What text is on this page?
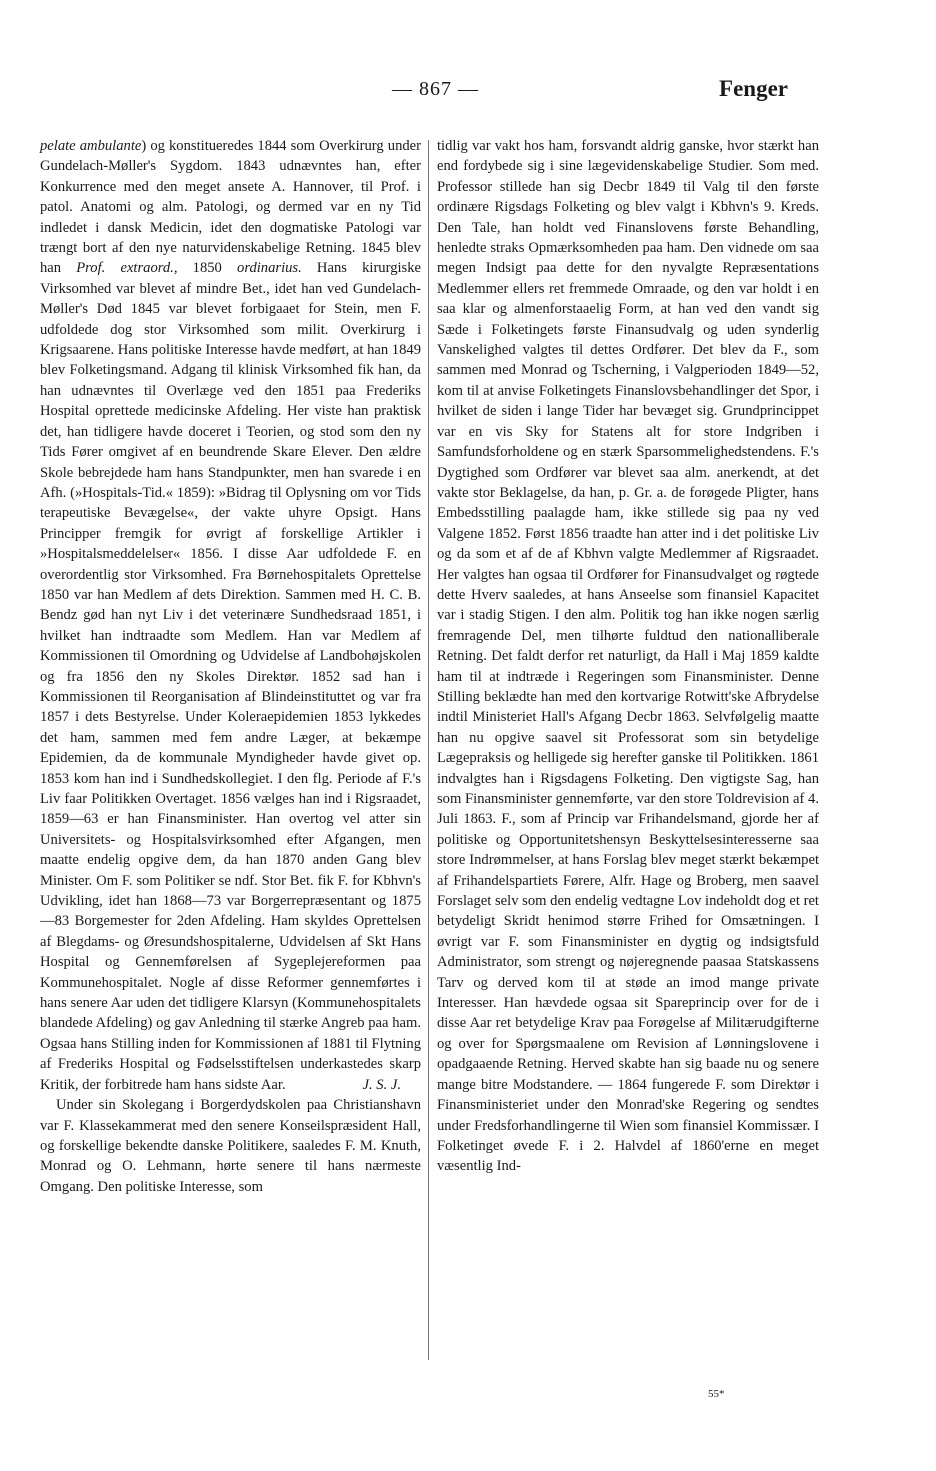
— 867 —	Fenger

pelate ambulante) og konstitueredes 1844 som Overkirurg under Gundelach-Møller's Sygdom. 1843 udnævntes han, efter Konkurrence med den meget ansete A. Hannover, til Prof. i patol. Anatomi og alm. Patologi, og dermed var en ny Tid indledet i dansk Medicin, idet den dogmatiske Patologi var trængt bort af den nye naturvidenskabelige Retning. 1845 blev han Prof. extraord., 1850 ordinarius. Hans kirurgiske Virksomhed var blevet af mindre Bet., idet han ved Gundelach-Møller's Død 1845 var blevet forbigaaet for Stein, men F. udfoldede dog stor Virksomhed som milit. Overkirurg i Krigsaarene. Hans politiske Interesse havde medført, at han 1849 blev Folketingsmand. Adgang til klinisk Virksomhed fik han, da han udnævntes til Overlæge ved den 1851 paa Frederiks Hospital oprettede medicinske Afdeling. Her viste han praktisk det, han tidligere havde doceret i Teorien, og stod som den ny Tids Fører omgivet af en beundrende Skare Elever. Den ældre Skole bebrejdede ham hans Standpunkter, men han svarede i en Afh. (»Hospitals-Tid.« 1859): »Bidrag til Oplysning om vor Tids terapeutiske Bevægelse«, der vakte uhyre Opsigt. Hans Principper fremgik for øvrigt af forskellige Artikler i »Hospitalsmeddelelser« 1856. I disse Aar udfoldede F. en overordentlig stor Virksomhed. Fra Børnehospitalets Oprettelse 1850 var han Medlem af dets Direktion. Sammen med H. C. B. Bendz gød han nyt Liv i det veterinære Sundhedsraad 1851, i hvilket han indtraadte som Medlem. Han var Medlem af Kommissionen til Omordning og Udvidelse af Landbohøjskolen og fra 1856 den ny Skoles Direktør. 1852 sad han i Kommissionen til Reorganisation af Blindeinstituttet og var fra 1857 i dets Bestyrelse. Under Koleraepidemien 1853 lykkedes det ham, sammen med fem andre Læger, at bekæmpe Epidemien, da de kommunale Myndigheder havde givet op. 1853 kom han ind i Sundhedskollegiet. I den flg. Periode af F.'s Liv faar Politikken Overtaget. 1856 vælges han ind i Rigsraadet, 1859—63 er han Finansminister. Han overtog vel atter sin Universitets- og Hospitalsvirksomhed efter Afgangen, men maatte endelig opgive dem, da han 1870 anden Gang blev Minister. Om F. som Politiker se ndf. Stor Bet. fik F. for Kbhvn's Udvikling, idet han 1868—73 var Borgerrepræsentant og 1875—83 Borgemester for 2den Afdeling. Ham skyldes Oprettelsen af Blegdams- og Øresundshospitalerne, Udvidelsen af Skt Hans Hospital og Gennemførelsen af Sygeplejereformen paa Kommunehospitalet. Nogle af disse Reformer gennemførtes i hans senere Aar uden det tidligere Klarsyn (Kommunehospitalets blandede Afdeling) og gav Anledning til stærke Angreb paa ham. Ogsaa hans Stilling inden for Kommissionen af 1881 til Flytning af Frederiks Hospital og Fødselsstiftelsen underkastedes skarp Kritik, der forbitrede ham hans sidste Aar.	J. S. J.

Under sin Skolegang i Borgerdydskolen paa Christianshavn var F. Klassekammerat med den senere Konseilspræsident Hall, og forskellige bekendte danske Politikere, saaledes F. M. Knuth, Monrad og O. Lehmann, hørte senere til hans nærmeste Omgang. Den politiske Interesse, som

tidlig var vakt hos ham, forsvandt aldrig ganske, hvor stærkt han end fordybede sig i sine lægevidenskabelige Studier. Som med. Professor stillede han sig Decbr 1849 til Valg til den første ordinære Rigsdags Folketing og blev valgt i Kbhvn's 9. Kreds. Den Tale, han holdt ved Finanslovens første Behandling, henledte straks Opmærksomheden paa ham. Den vidnede om saa megen Indsigt paa dette for den nyvalgte Repræsentations Medlemmer ellers ret fremmede Omraade, og den var holdt i en saa klar og almenforstaaelig Form, at han ved den vandt sig Sæde i Folketingets første Finansudvalg og uden synderlig Vanskelighed valgtes til dettes Ordfører. Det blev da F., som sammen med Monrad og Tscherning, i Valgperioden 1849—52, kom til at anvise Folketingets Finanslovsbehandlinger det Spor, i hvilket de siden i lange Tider har bevæget sig. Grundprincippet var en vis Sky for Statens alt for store Indgriben i Samfundsforholdene og en stærk Sparsommelighedstendens. F.'s Dygtighed som Ordfører var blevet saa alm. anerkendt, at det vakte stor Beklagelse, da han, p. Gr. a. de forøgede Pligter, hans Embedsstilling paalagde ham, ikke stillede sig paa ny ved Valgene 1852. Først 1856 traadte han atter ind i det politiske Liv og da som et af de af Kbhvn valgte Medlemmer af Rigsraadet. Her valgtes han ogsaa til Ordfører for Finansudvalget og røgtede dette Hverv saaledes, at hans Anseelse som finansiel Kapacitet var i stadig Stigen. I den alm. Politik tog han ikke nogen særlig fremragende Del, men tilhørte fuldtud den nationalliberale Retning. Det faldt derfor ret naturligt, da Hall i Maj 1859 kaldte ham til at indtræde i Regeringen som Finansminister. Denne Stilling beklædte han med den kortvarige Rotwitt'ske Afbrydelse indtil Ministeriet Hall's Afgang Decbr 1863. Selvfølgelig maatte han nu opgive saavel sit Professorat som sin betydelige Lægepraksis og helligede sig herefter ganske til Politikken. 1861 indvalgtes han i Rigsdagens Folketing. Den vigtigste Sag, han som Finansminister gennemførte, var den store Toldrevision af 4. Juli 1863. F., som af Princip var Frihandelsmand, gjorde her af politiske og Opportunitetshensyn Beskyttelsesinteresserne saa store Indrømmelser, at hans Forslag blev meget stærkt bekæmpet af Frihandelspartiets Førere, Alfr. Hage og Broberg, men saavel Forslaget selv som den endelig vedtagne Lov indeholdt dog et ret betydeligt Skridt henimod større Frihed for Omsætningen. I øvrigt var F. som Finansminister en dygtig og indsigtsfuld Administrator, som strengt og nøjeregnende paasaa Statskassens Tarv og derved kom til at støde an imod mange private Interesser. Han hævdede ogsaa sit Spareprincip over for de i disse Aar ret betydelige Krav paa Forøgelse af Militærudgifterne og over for Spørgsmaalene om Revision af Lønningslovene i opadgaaende Retning. Herved skabte han sig baade nu og senere mange bitre Modstandere. — 1864 fungerede F. som Direktør i Finansministeriet under den Monrad'ske Regering og sendtes under Fredsforhandlingerne til Wien som finansiel Kommissær. I Folketinget øvede F. i 2. Halvdel af 1860'erne en meget væsentlig Ind-

55*
